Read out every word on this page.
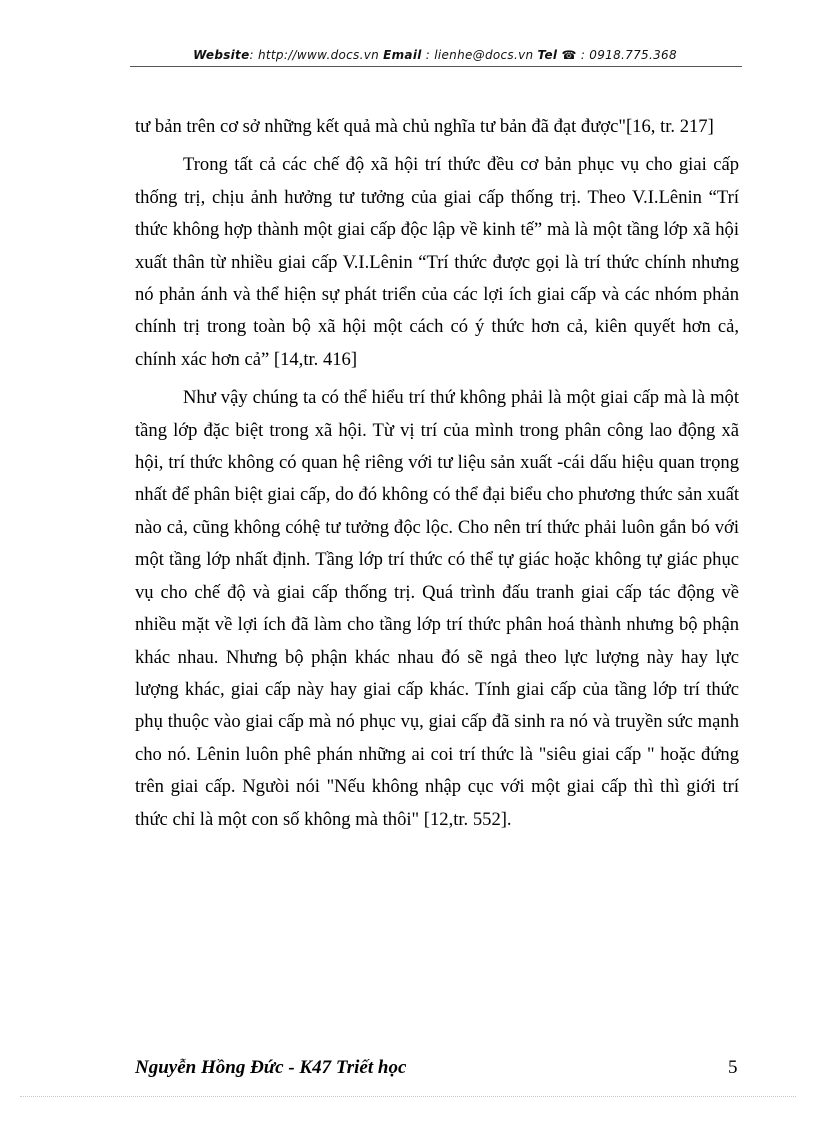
Website: http://www.docs.vn Email : lienhe@docs.vn Tel ☎ : 0918.775.368

tư bản trên cơ sở những kết quả mà chủ nghĩa tư bản đã đạt được"[16, tr. 217]

Trong tất cả các chế độ xã hội trí thức đều cơ bản phục vụ cho giai cấp thống trị, chịu ảnh hưởng tư tưởng của giai cấp thống trị. Theo V.I.Lênin “Trí thức không hợp thành một giai cấp độc lập về kinh tế” mà là một tầng lớp xã hội xuất thân từ nhiều giai cấp V.I.Lênin “Trí thức được gọi là trí thức chính nhưng nó phản ánh và thể hiện sự phát triển của các lợi ích giai cấp và các nhóm phản chính trị trong toàn bộ xã hội một cách có ý thức hơn cả, kiên quyết hơn cả, chính xác hơn cả” [14,tr. 416]

Như vậy chúng ta có thể hiểu trí thứ không phải là một giai cấp mà là một tầng lớp đặc biệt trong xã hội. Từ vị trí của mình trong phân công lao động xã hội, trí thức không có quan hệ riêng với tư liệu sản xuất -cái dấu hiệu quan trọng nhất để phân biệt giai cấp, do đó không có thể đại biểu cho phương thức sản xuất nào cả, cũng không cóhệ tư tưởng độc lộc. Cho nên trí thức phải luôn gắn bó với một tầng lớp nhất định. Tầng lớp trí thức có thể tự giác hoặc không tự giác phục vụ cho chế độ và giai cấp thống trị. Quá trình đấu tranh giai cấp tác động về nhiều mặt về lợi ích đã làm cho tầng lớp trí thức phân hoá thành nhưng bộ phận khác nhau. Nhưng bộ phận khác nhau đó sẽ ngả theo lực lượng này hay lực lượng khác, giai cấp này hay giai cấp khác. Tính giai cấp của tầng lớp trí thức phụ thuộc vào giai cấp mà nó phục vụ, giai cấp đã sinh ra nó và truyền sức mạnh cho nó. Lênin luôn phê phán những ai coi trí thức là "siêu giai cấp " hoặc đứng trên giai cấp. Ngưòi nói "Nếu không nhập cục với một giai cấp thì thì giới trí thức chỉ là một con số không mà thôi" [12,tr. 552].

Nguyễn Hồng Đức - K47 Triết học	5
